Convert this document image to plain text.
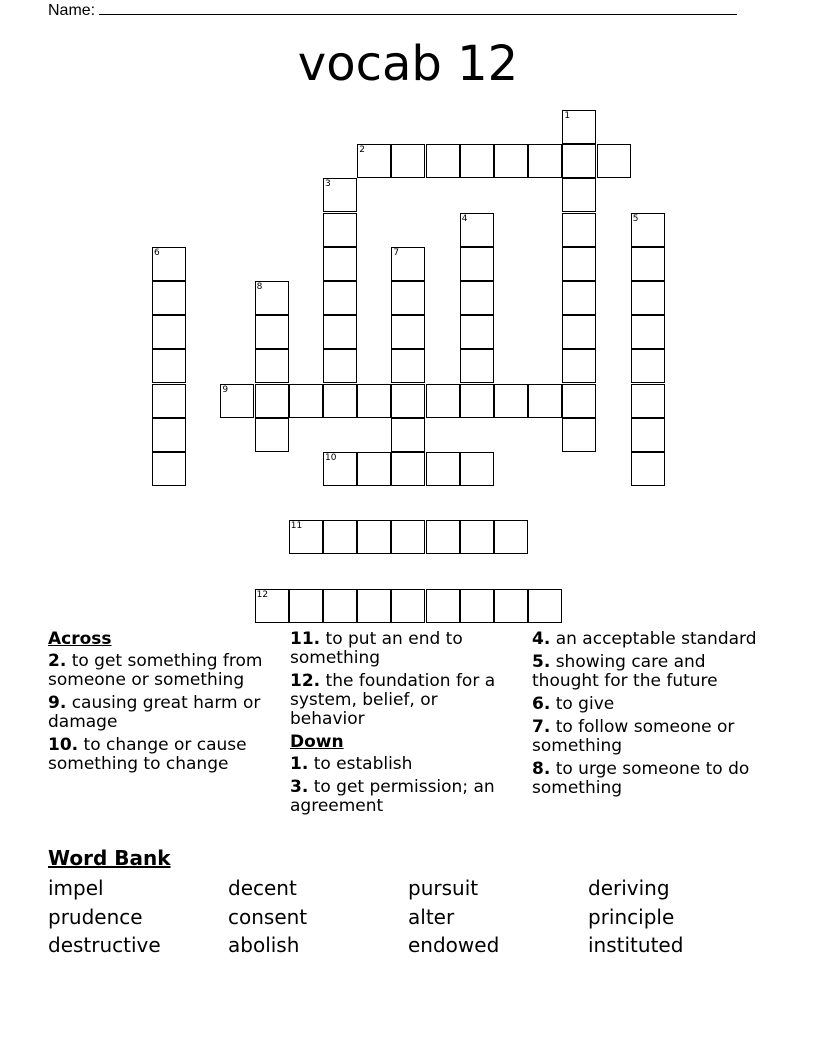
Name:
vocab 12
1
2
3
4	5
6	7
8
9
10
11
12
Across
2. to get something from someone or something
9. causing great harm or damage
10. to change or cause something to change
11. to put an end to something
12. the foundation for a system, belief, or behavior
Down
1. to establish
3. to get permission; an agreement
4. an acceptable standard
5. showing care and thought for the future
6. to give
7. to follow someone or something
8. to urge someone to do something
Word Bank
impel	decent	pursuit	deriving
prudence	consent	alter	principle
destructive	abolish	endowed	instituted
